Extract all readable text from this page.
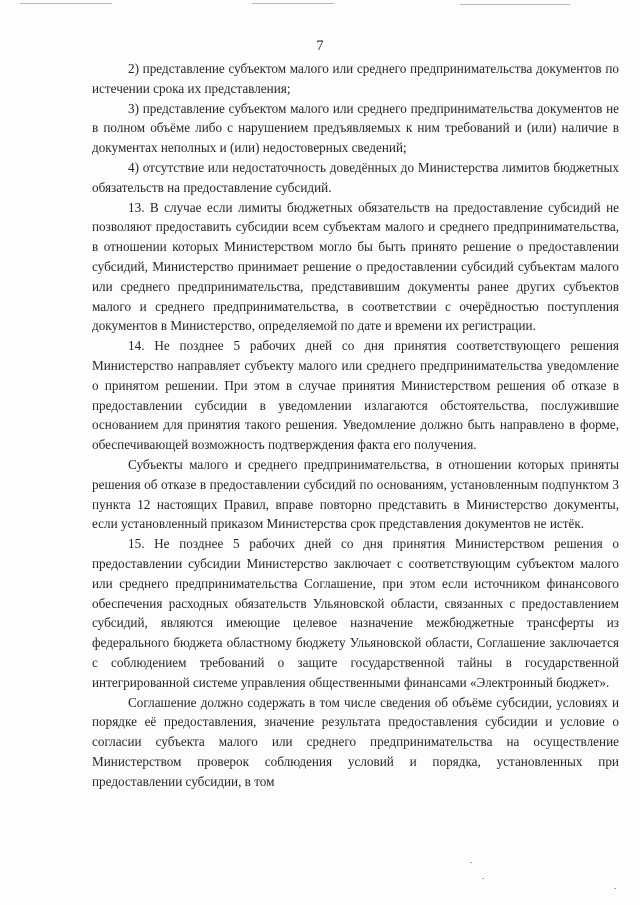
7

2) представление субъектом малого или среднего предпринимательства документов по истечении срока их представления;

3) представление субъектом малого или среднего предпринимательства документов не в полном объёме либо с нарушением предъявляемых к ним требований и (или) наличие в документах неполных и (или) недостоверных сведений;

4) отсутствие или недостаточность доведённых до Министерства лимитов бюджетных обязательств на предоставление субсидий.

13. В случае если лимиты бюджетных обязательств на предоставление субсидий не позволяют предоставить субсидии всем субъектам малого и среднего предпринимательства, в отношении которых Министерством могло бы быть принято решение о предоставлении субсидий, Министерство принимает решение о предоставлении субсидий субъектам малого или среднего предпринимательства, представившим документы ранее других субъектов малого и среднего предпринимательства, в соответствии с очерёдностью поступления документов в Министерство, определяемой по дате и времени их регистрации.

14. Не позднее 5 рабочих дней со дня принятия соответствующего решения Министерство направляет субъекту малого или среднего предпринимательства уведомление о принятом решении. При этом в случае принятия Министерством решения об отказе в предоставлении субсидии в уведомлении излагаются обстоятельства, послужившие основанием для принятия такого решения. Уведомление должно быть направлено в форме, обеспечивающей возможность подтверждения факта его получения.

Субъекты малого и среднего предпринимательства, в отношении которых приняты решения об отказе в предоставлении субсидий по основаниям, установленным подпунктом 3 пункта 12 настоящих Правил, вправе повторно представить в Министерство документы, если установленный приказом Министерства срок представления документов не истёк.

15. Не позднее 5 рабочих дней со дня принятия Министерством решения о предоставлении субсидии Министерство заключает с соответствующим субъектом малого или среднего предпринимательства Соглашение, при этом если источником финансового обеспечения расходных обязательств Ульяновской области, связанных с предоставлением субсидий, являются имеющие целевое назначение межбюджетные трансферты из федерального бюджета областному бюджету Ульяновской области, Соглашение заключается с соблюдением требований о защите государственной тайны в государственной интегрированной системе управления общественными финансами «Электронный бюджет».

Соглашение должно содержать в том числе сведения об объёме субсидии, условиях и порядке её предоставления, значение результата предоставления субсидии и условие о согласии субъекта малого или среднего предпринимательства на осуществление Министерством проверок соблюдения условий и порядка, установленных при предоставлении субсидии, в том
